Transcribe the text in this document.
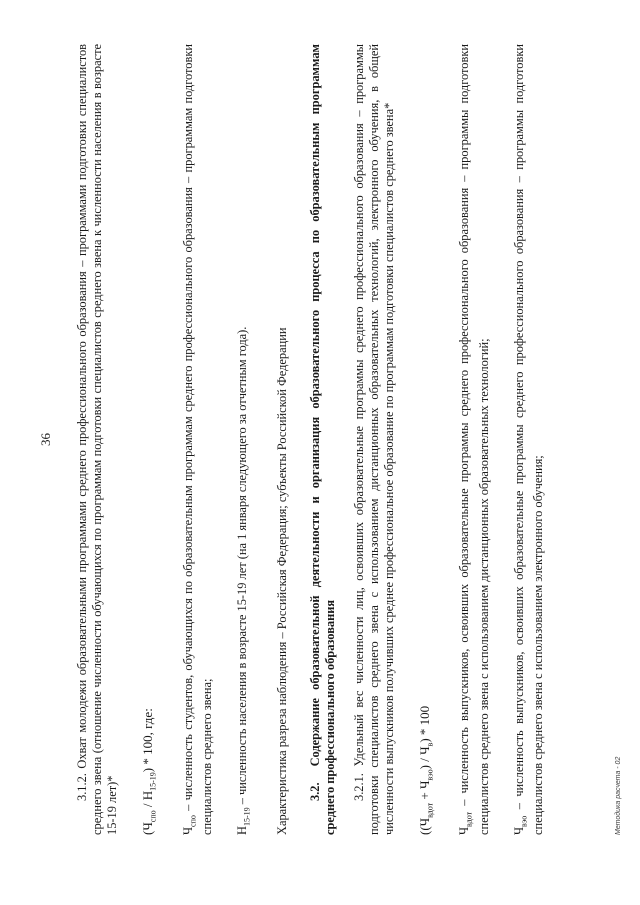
36 3.1.2. Охват молодежи образовательными программами среднего профессионального образования – программами подготовки специалистов среднего звена (отношение численности обучающихся по программам подготовки специалистов среднего звена к численности населения в возрасте 15-19 лет)* $(Ч_{спо} / Н_{15-19}) * 100$, где:

$Ч_{спо}$ – численность студентов, обучающихся по образовательным программам среднего профессионального образования – программам подготовки специалистов среднего звена; $Н_{15-19}$ – численность населения в возрасте 15-19 лет (на 1 января следующего за отчетным года).	Характеристика разреза наблюдения – Российская Федерация; субъекты Российской Федерации 3.2.Содержание образовательной деятельности и организация образовательного процесса по образовательным программам среднего профессионального образования 3.2.1. Удельный вес численности лиц, освоивших образовательные программы среднего профессионального образования – программы подготовки специалистов среднего звена с использованием дистанционных образовательных технологий, электронного обучения, в общей численности выпускников получивших среднее профессиональное образование по программам подготовки специалистов среднего звена* $((Ч_{вдот} + Ч_{вэо}) / Ч_в) * 100$

$Ч_{вдот}$ – численность выпускников, освоивших образовательные программы среднего профессионального образования – программы подготовки специалистов среднего звена с использованием дистанционных образовательных технологий; $Ч_{вэо}$ – численность выпускников, освоивших образовательные программы среднего профессионального образования – программы подготовки специалистов среднего звена с использованием электронного обучения;	Методика расчета - 02
